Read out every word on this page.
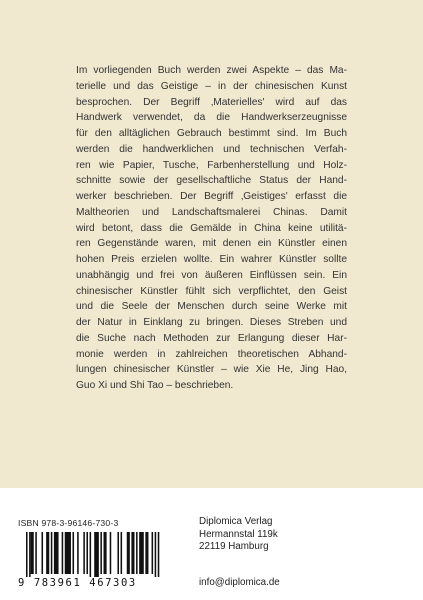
Im vorliegenden Buch werden zwei Aspekte – das Ma-
terielle und das Geistige – in der chinesischen Kunst
besprochen. Der Begriff ‚Materielles' wird auf das
Handwerk verwendet, da die Handwerkserzeugnisse
für den alltäglichen Gebrauch bestimmt sind. Im Buch
werden die handwerklichen und technischen Verfah-
ren wie Papier, Tusche, Farbenherstellung und Holz-
schnitte sowie der gesellschaftliche Status der Hand-
werker beschrieben. Der Begriff ‚Geistiges' erfasst die
Maltheorien und Landschaftsmalerei Chinas. Damit
wird betont, dass die Gemälde in China keine utilitä-
ren Gegenstände waren, mit denen ein Künstler einen
hohen Preis erzielen wollte. Ein wahrer Künstler sollte
unabhängig und frei von äußeren Einflüssen sein. Ein
chinesischer Künstler fühlt sich verpflichtet, den Geist
und die Seele der Menschen durch seine Werke mit
der Natur in Einklang zu bringen. Dieses Streben und
die Suche nach Methoden zur Erlangung dieser Har-
monie werden in zahlreichen theoretischen Abhand-
lungen chinesischer Künstler – wie Xie He, Jing Hao,
Guo Xi und Shi Tao – beschrieben.
ISBN 978-3-96146-730-3
9 783961 467303
Diplomica Verlag
Hermannstal 119k
22119 Hamburg
info@diplomica.de
